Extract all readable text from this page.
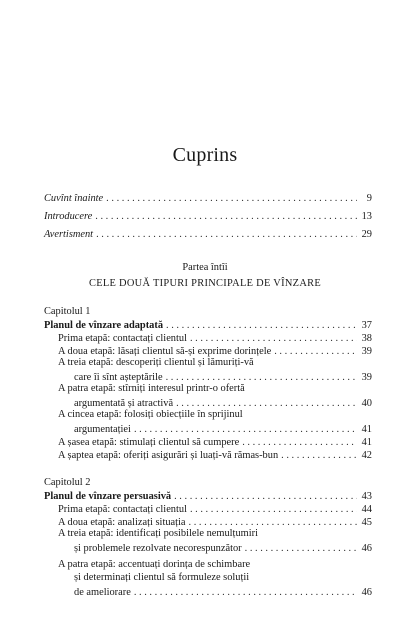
Cuprins
Cuvînt înainte . . .	9
Introducere . . .	13
Avertisment . . .	29
Partea întîi
CELE DOUĂ TIPURI PRINCIPALE DE VÎNZARE
Capitolul 1
Planul de vînzare adaptată . . .	37
Prima etapă: contactați clientul . . .	38
A doua etapă: lăsați clientul să-și exprime dorințele . . .	39
A treia etapă: descoperiți clientul și lămuriți-vă
care îi sînt așteptările . . .	39
A patra etapă: stîrniți interesul printr-o ofertă
argumentată și atractivă . . .	40
A cincea etapă: folosiți obiecțiile în sprijinul
argumentației . . .	41
A șasea etapă: stimulați clientul să cumpere . . .	41
A șaptea etapă: oferiți asigurări și luați-vă rămas-bun . . .	42
Capitolul 2
Planul de vînzare persuasivă . . .	43
Prima etapă: contactați clientul . . .	44
A doua etapă: analizați situația . . .	45
A treia etapă: identificați posibilele nemulțumiri
și problemele rezolvate necorespunzător . . .	46
A patra etapă: accentuați dorința de schimbare
și determinați clientul să formuleze soluții
de ameliorare . . .	46
